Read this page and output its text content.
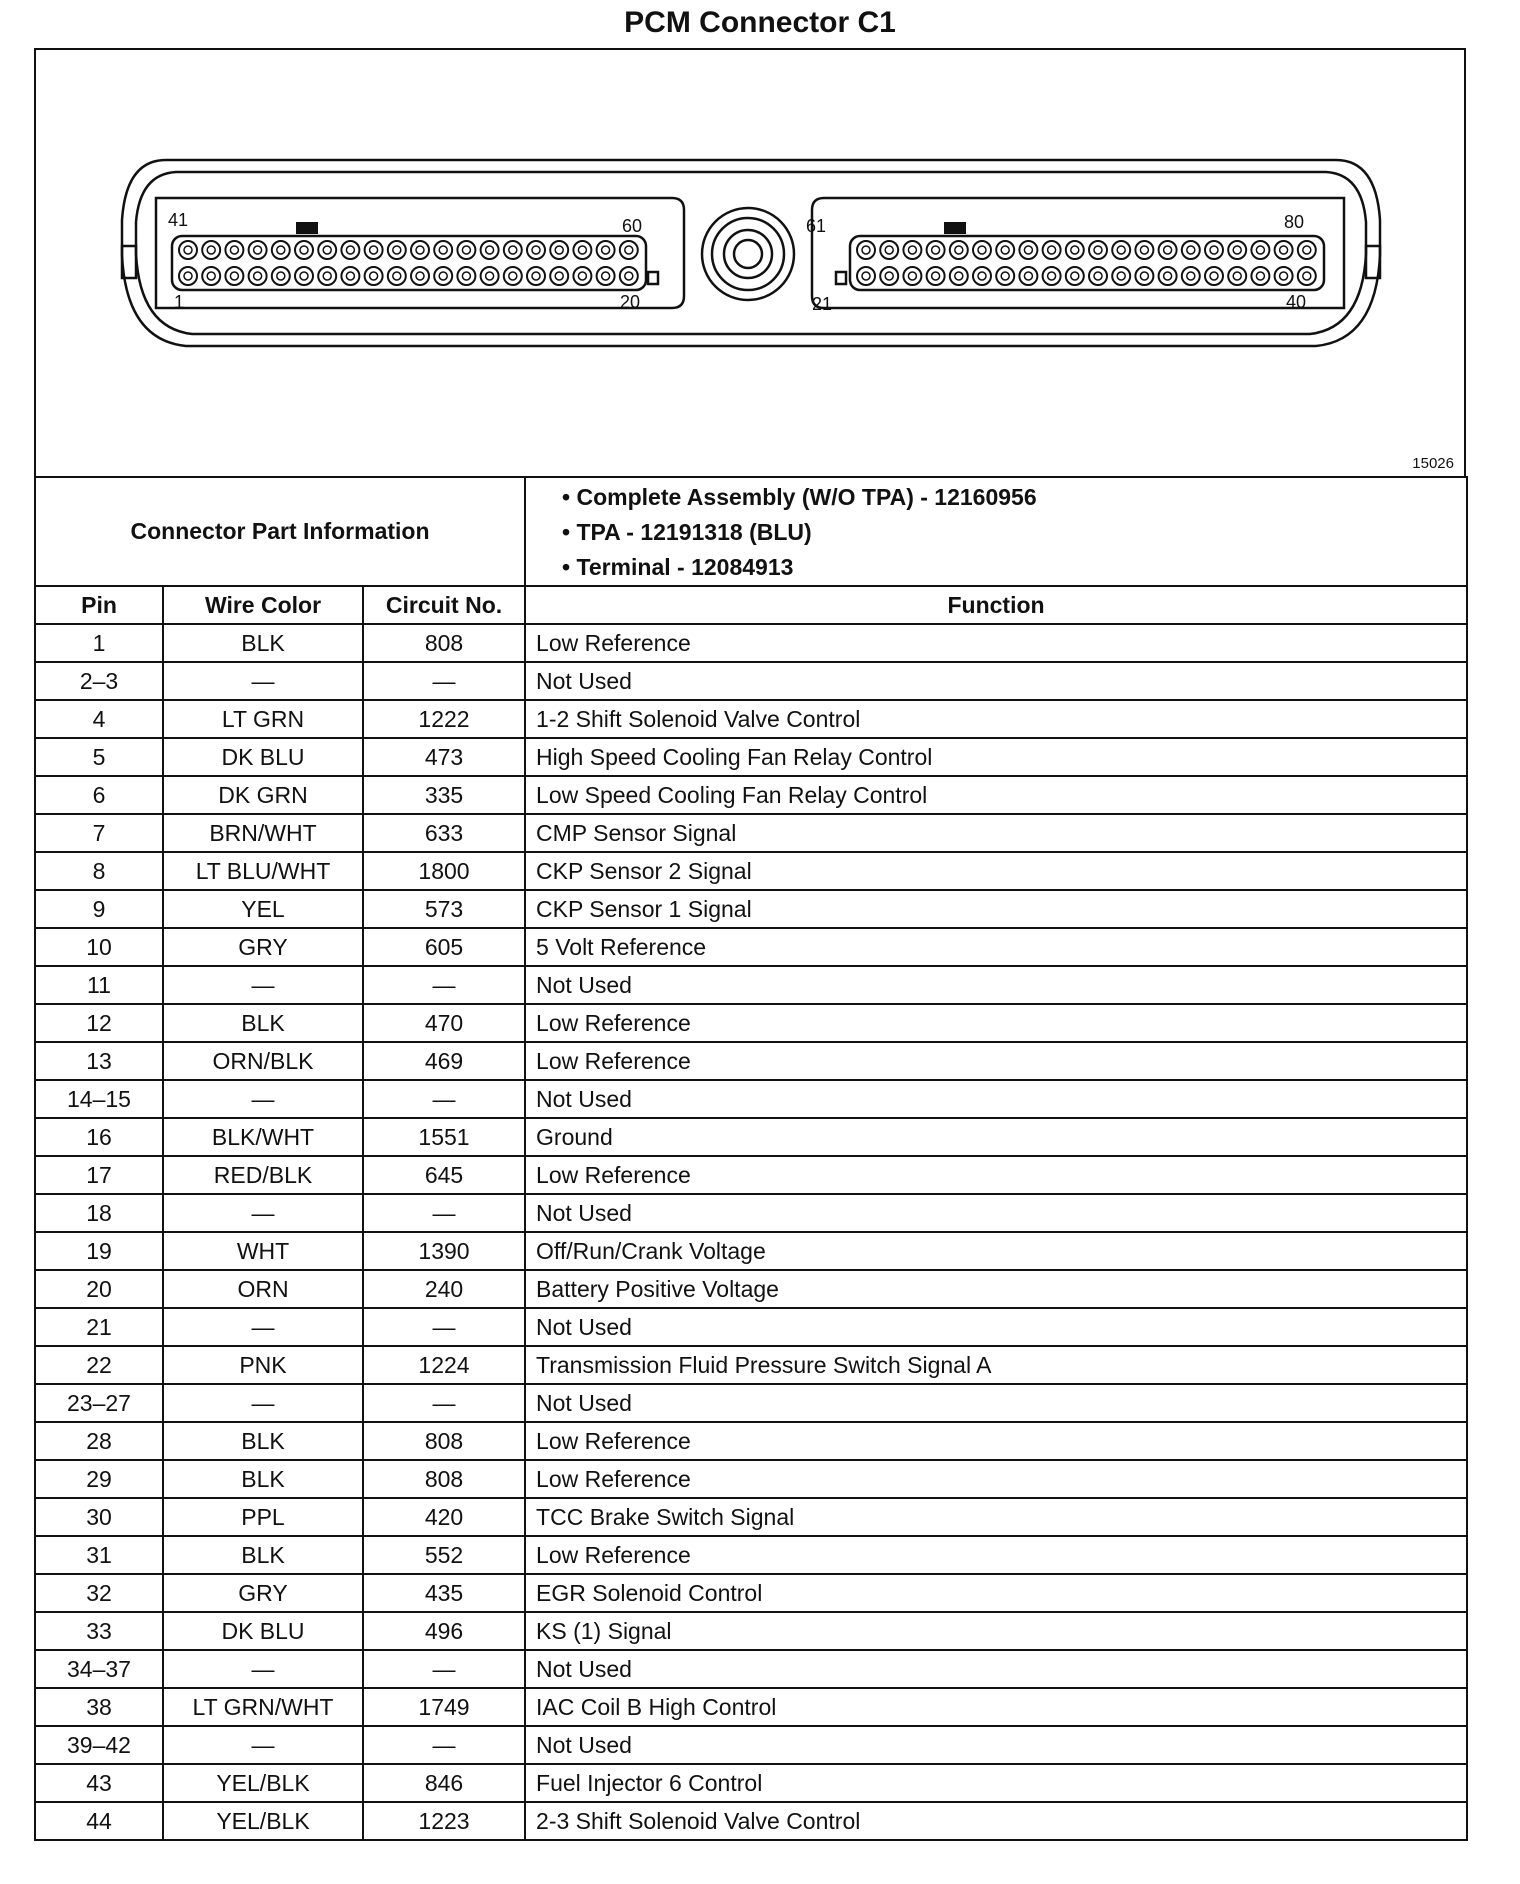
PCM Connector C1
41	60
1	20
61	80
21	40
15026
Connector Part Information			• Complete Assembly (W/O TPA) - 12160956
• TPA - 12191318 (BLU)
• Terminal - 12084913

Pin	Wire Color	Circuit No.	Function
1	BLK	808	Low Reference
2–3	—	—	Not Used
4	LT GRN	1222	1-2 Shift Solenoid Valve Control
5	DK BLU	473	High Speed Cooling Fan Relay Control
6	DK GRN	335	Low Speed Cooling Fan Relay Control
7	BRN/WHT	633	CMP Sensor Signal
8	LT BLU/WHT	1800	CKP Sensor 2 Signal
9	YEL	573	CKP Sensor 1 Signal
10	GRY	605	5 Volt Reference
11	—	—	Not Used
12	BLK	470	Low Reference
13	ORN/BLK	469	Low Reference
14–15	—	—	Not Used
16	BLK/WHT	1551	Ground
17	RED/BLK	645	Low Reference
18	—	—	Not Used
19	WHT	1390	Off/Run/Crank Voltage
20	ORN	240	Battery Positive Voltage
21	—	—	Not Used
22	PNK	1224	Transmission Fluid Pressure Switch Signal A
23–27	—	—	Not Used
28	BLK	808	Low Reference
29	BLK	808	Low Reference
30	PPL	420	TCC Brake Switch Signal
31	BLK	552	Low Reference
32	GRY	435	EGR Solenoid Control
33	DK BLU	496	KS (1) Signal
34–37	—	—	Not Used
38	LT GRN/WHT	1749	IAC Coil B High Control
39–42	—	—	Not Used
43	YEL/BLK	846	Fuel Injector 6 Control
44	YEL/BLK	1223	2-3 Shift Solenoid Valve Control
